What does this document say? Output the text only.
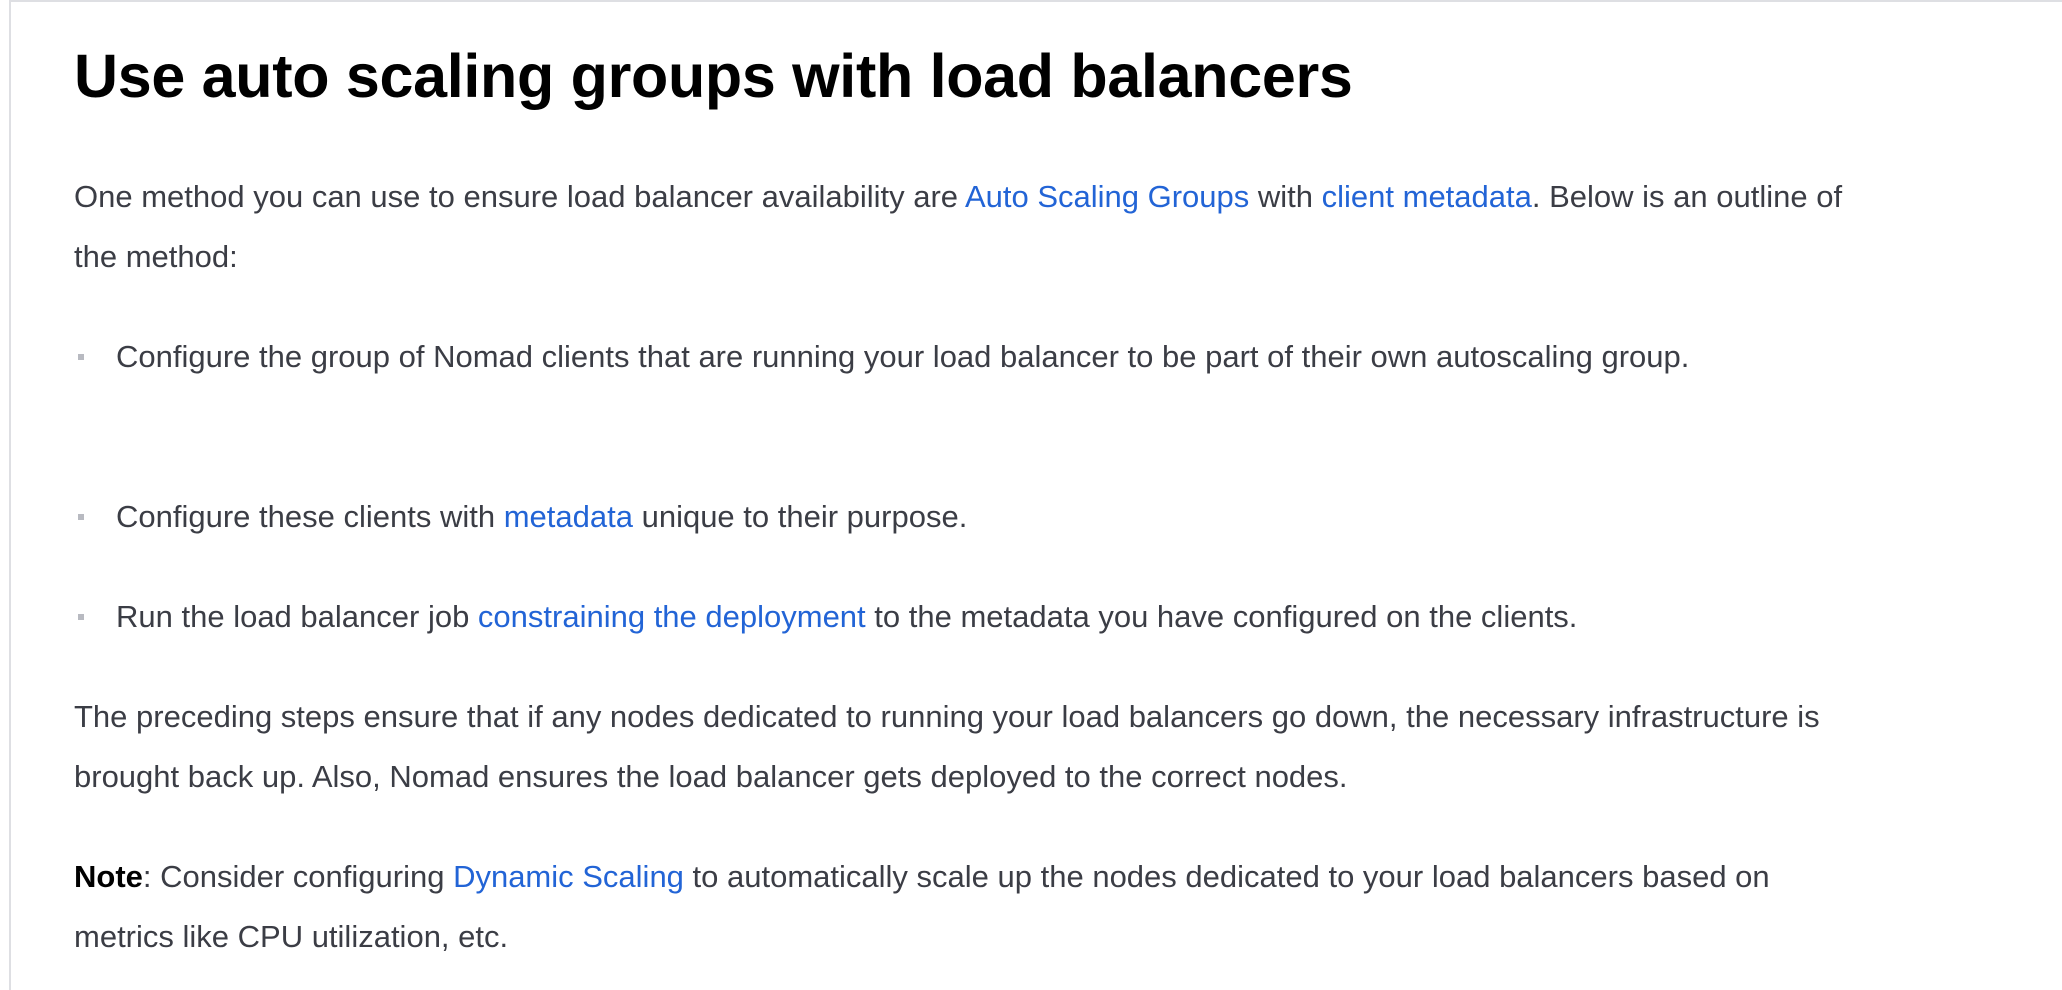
Use auto scaling groups with load balancers

One method you can use to ensure load balancer availability are Auto Scaling Groups with client metadata. Below is an outline of the method:

Configure the group of Nomad clients that are running your load balancer to be part of their own autoscaling group.
Configure these clients with metadata unique to their purpose.
Run the load balancer job constraining the deployment to the metadata you have configured on the clients.

The preceding steps ensure that if any nodes dedicated to running your load balancers go down, the necessary infrastructure is brought back up. Also, Nomad ensures the load balancer gets deployed to the correct nodes.

Note: Consider configuring Dynamic Scaling to automatically scale up the nodes dedicated to your load balancers based on metrics like CPU utilization, etc.
